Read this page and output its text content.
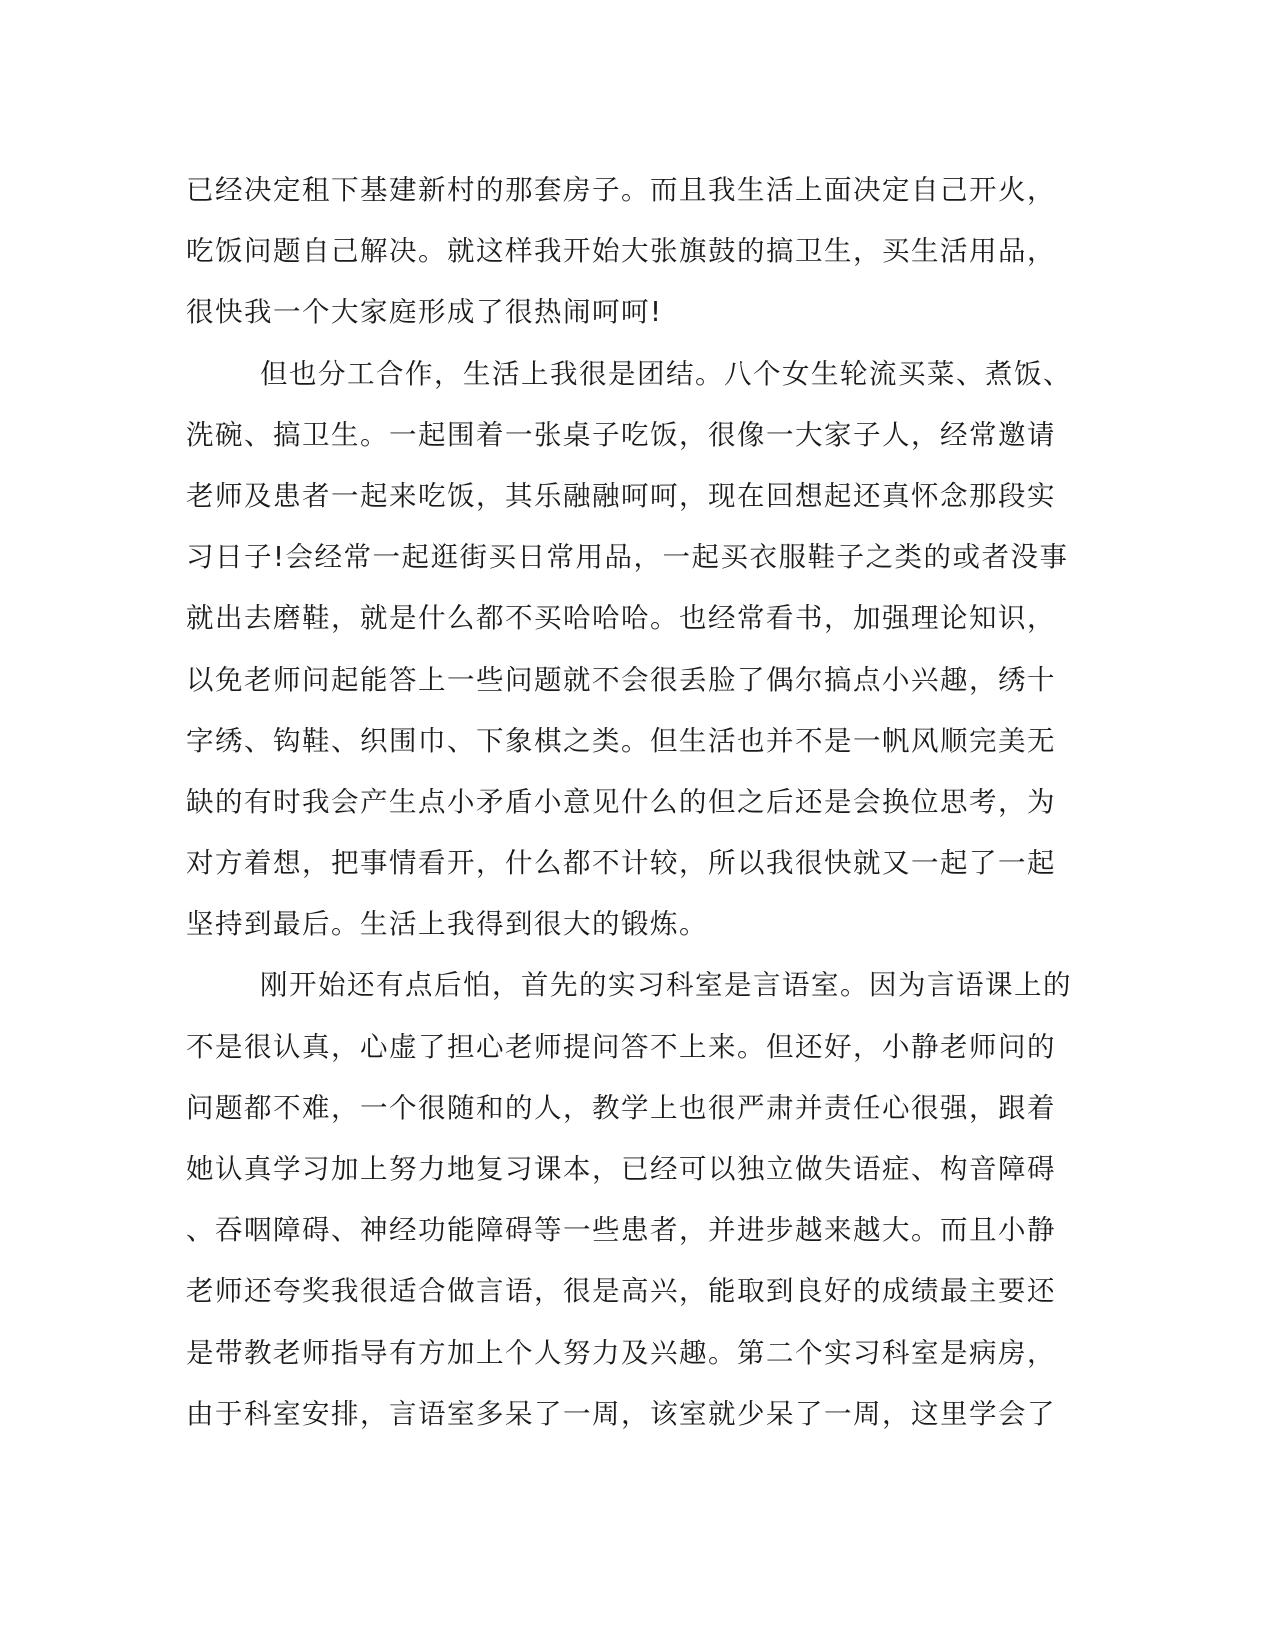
已经决定租下基建新村的那套房子。而且我生活上面决定自己开火，
吃饭问题自己解决。就这样我开始大张旗鼓的搞卫生，买生活用品，
很快我一个大家庭形成了很热闹呵呵!
但也分工合作，生活上我很是团结。八个女生轮流买菜、煮饭、
洗碗、搞卫生。一起围着一张桌子吃饭，很像一大家子人，经常邀请
老师及患者一起来吃饭，其乐融融呵呵，现在回想起还真怀念那段实
习日子!会经常一起逛街买日常用品，一起买衣服鞋子之类的或者没事
就出去磨鞋，就是什么都不买哈哈哈。也经常看书，加强理论知识，
以免老师问起能答上一些问题就不会很丢脸了偶尔搞点小兴趣，绣十
字绣、钩鞋、织围巾、下象棋之类。但生活也并不是一帆风顺完美无
缺的有时我会产生点小矛盾小意见什么的但之后还是会换位思考，为
对方着想，把事情看开，什么都不计较，所以我很快就又一起了一起
坚持到最后。生活上我得到很大的锻炼。
刚开始还有点后怕，首先的实习科室是言语室。因为言语课上的
不是很认真，心虚了担心老师提问答不上来。但还好，小静老师问的
问题都不难，一个很随和的人，教学上也很严肃并责任心很强，跟着
她认真学习加上努力地复习课本，已经可以独立做失语症、构音障碍
、吞咽障碍、神经功能障碍等一些患者，并进步越来越大。而且小静
老师还夸奖我很适合做言语，很是高兴，能取到良好的成绩最主要还
是带教老师指导有方加上个人努力及兴趣。第二个实习科室是病房，
由于科室安排，言语室多呆了一周，该室就少呆了一周，这里学会了
